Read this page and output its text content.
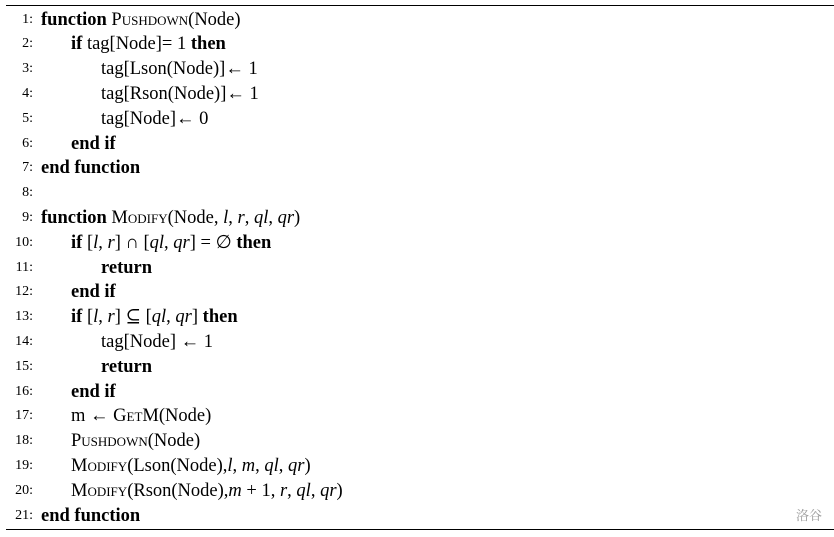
1: function Pushdown(Node)
2:	if tag[Node]= 1 then
3:	tag[Lson(Node)]← 1
4:	tag[Rson(Node)]← 1
5:	tag[Node]← 0
6:	end if
7: end function
8:
9: function Modify(Node, l, r, ql, qr)
10:	if [l, r] ∩ [ql, qr] = ∅ then
11:	return
12:	end if
13:	if [l, r] ⊆ [ql, qr] then
14:	tag[Node] ← 1
15:	return
16:	end if
17:	m ← GetM(Node)
18:	Pushdown(Node)
19:	Modify(Lson(Node),l, m, ql, qr)
20:	Modify(Rson(Node),m + 1, r, ql, qr)
21: end function	洛谷
